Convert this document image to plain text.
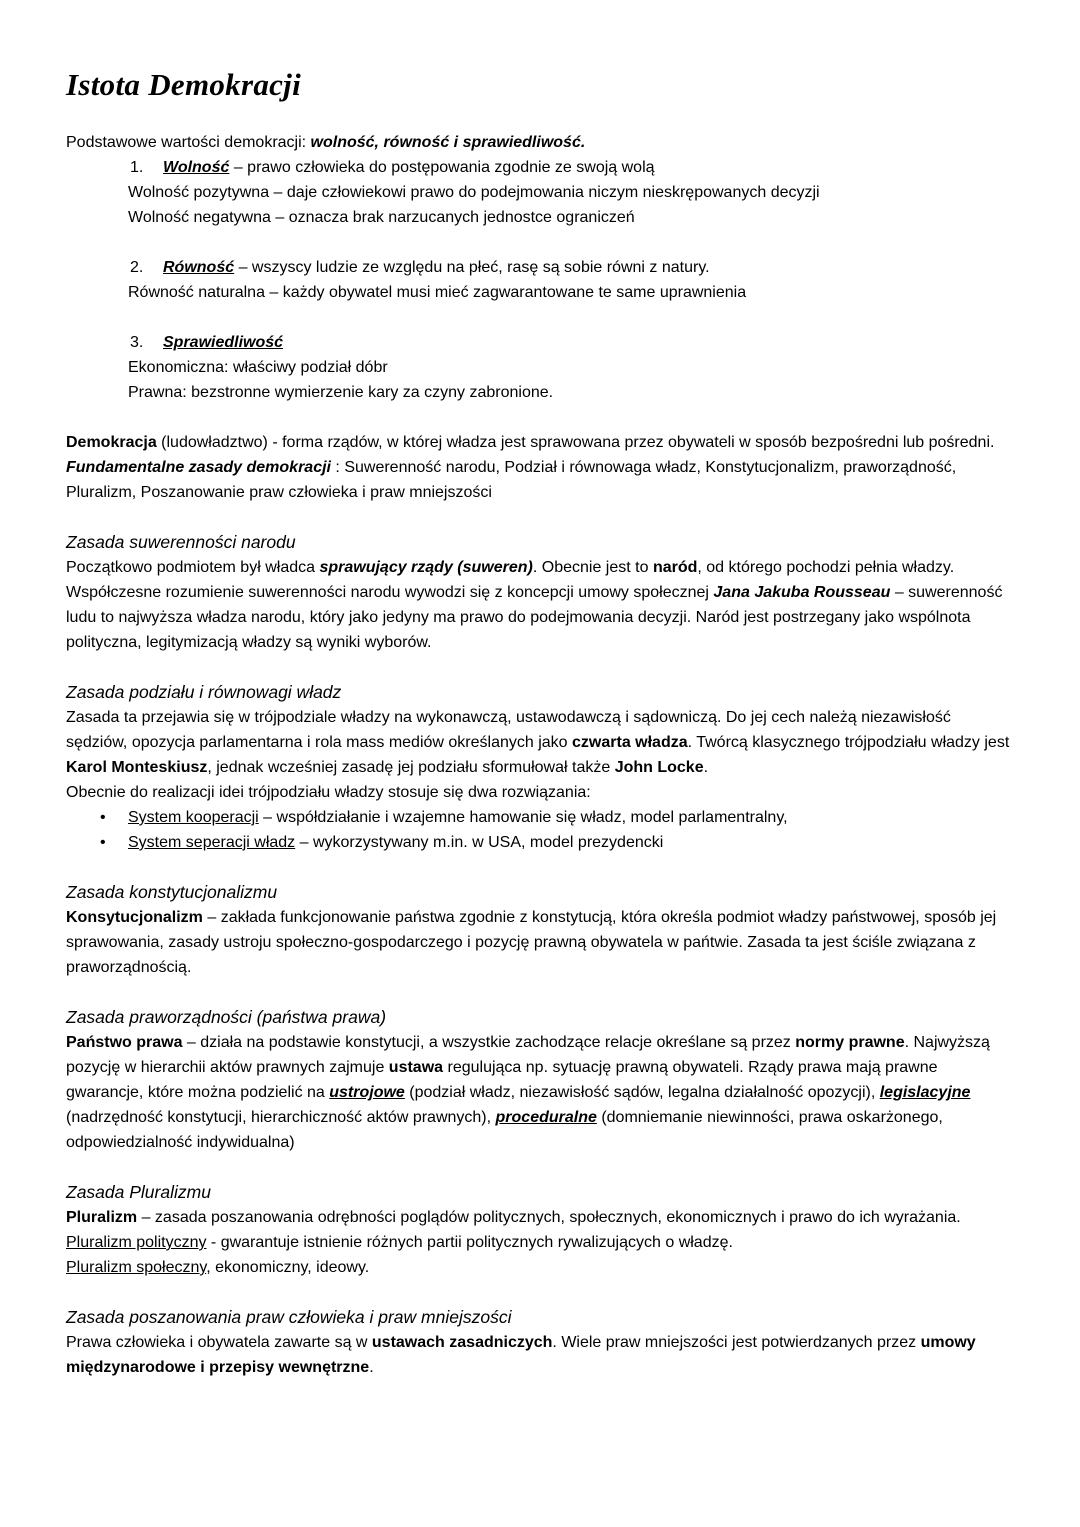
Istota Demokracji
Podstawowe wartości demokracji: wolność, równość i sprawiedliwość.
1. Wolność – prawo człowieka do postępowania zgodnie ze swoją wolą
Wolność pozytywna – daje człowiekowi prawo do podejmowania niczym nieskrępowanych decyzji
Wolność negatywna – oznacza brak narzucanych jednostce ograniczeń
2. Równość – wszyscy ludzie ze względu na płeć, rasę są sobie równi z natury.
Równość naturalna – każdy obywatel musi mieć zagwarantowane te same uprawnienia
3. Sprawiedliwość
Ekonomiczna: właściwy podział dóbr
Prawna: bezstronne wymierzenie kary za czyny zabronione.
Demokracja (ludowładztwo) - forma rządów, w której władza jest sprawowana przez obywateli w sposób bezpośredni lub pośredni.
Fundamentalne zasady demokracji : Suwerenność narodu, Podział i równowaga władz, Konstytucjonalizm, praworządność, Pluralizm, Poszanowanie praw człowieka i praw mniejszości
Zasada suwerenności narodu
Początkowo podmiotem był władca sprawujący rządy (suweren). Obecnie jest to naród, od którego pochodzi pełnia władzy. Współczesne rozumienie suwerenności narodu wywodzi się z koncepcji umowy społecznej Jana Jakuba Rousseau – suwerenność ludu to najwyższa władza narodu, który jako jedyny ma prawo do podejmowania decyzji. Naród jest postrzegany jako wspólnota polityczna, legitymizacją władzy są wyniki wyborów.
Zasada podziału i równowagi władz
Zasada ta przejawia się w trójpodziale władzy na wykonawczą, ustawodawczą i sądowniczą. Do jej cech należą niezawisłość sędziów, opozycja parlamentarna i rola mass mediów określanych jako czwarta władza. Twórcą klasycznego trójpodziału władzy jest Karol Monteskiusz, jednak wcześniej zasadę jej podziału sformułował także John Locke.
Obecnie do realizacji idei trójpodziału władzy stosuje się dwa rozwiązania:
• System kooperacji – współdziałanie i wzajemne hamowanie się władz, model parlamentralny,
• System seperacji władz – wykorzystywany m.in. w USA, model prezydencki
Zasada konstytucjonalizmu
Konsytucjonalizm – zakłada funkcjonowanie państwa zgodnie z konstytucją, która określa podmiot władzy państwowej, sposób jej sprawowania, zasady ustroju społeczno-gospodarczego i pozycję prawną obywatela w pańtwie. Zasada ta jest ściśle związana z praworządnością.
Zasada praworządności (państwa prawa)
Państwo prawa – działa na podstawie konstytucji, a wszystkie zachodzące relacje określane są przez normy prawne. Najwyższą pozycję w hierarchii aktów prawnych zajmuje ustawa regulująca np. sytuację prawną obywateli. Rządy prawa mają prawne gwarancje, które można podzielić na ustrojowe (podział władz, niezawisłość sądów, legalna działalność opozycji), legislacyjne (nadrzędność konstytucji, hierarchiczność aktów prawnych), proceduralne (domniemanie niewinności, prawa oskarżonego, odpowiedzialność indywidualna)
Zasada Pluralizmu
Pluralizm – zasada poszanowania odrębności poglądów politycznych, społecznych, ekonomicznych i prawo do ich wyrażania.
Pluralizm polityczny - gwarantuje istnienie różnych partii politycznych rywalizujących o władzę.
Pluralizm społeczny, ekonomiczny, ideowy.
Zasada poszanowania praw człowieka i praw mniejszości
Prawa człowieka i obywatela zawarte są w ustawach zasadniczych. Wiele praw mniejszości jest potwierdzanych przez umowy międzynarodowe i przepisy wewnętrzne.
